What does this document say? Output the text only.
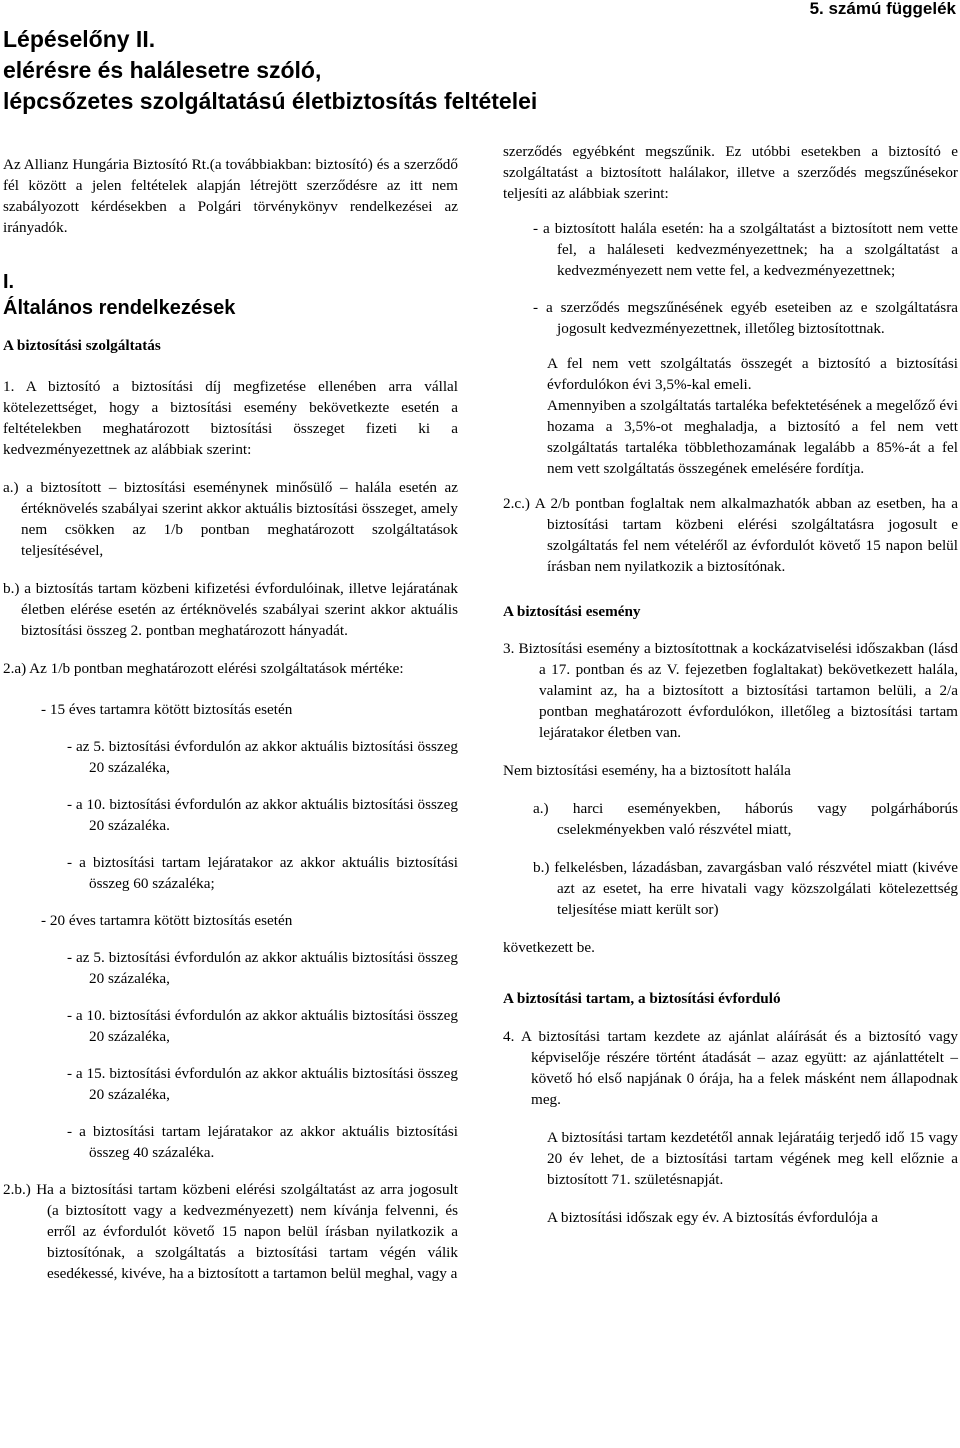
Lépéselőny II.
elérésre és halálesetre szóló,
lépcsőzetes szolgáltatású életbiztosítás feltételei
5. számú függelék

Az Allianz Hungária Biztosító Rt.(a továbbiakban: biztosító) és a szerződő fél között a jelen feltételek alapján létrejött szerződésre az itt nem szabályozott kérdésekben a Polgári törvénykönyv rendelkezései az irányadók.

I.
Általános rendelkezések
A biztosítási szolgáltatás

1. A biztosító a biztosítási díj megfizetése ellenében arra vállal kötelezettséget, hogy a biztosítási esemény bekövetkezte esetén a feltételekben meghatározott biztosítási összeget fizeti ki a kedvezményezettnek az alábbiak szerint:

a.) a biztosított – biztosítási eseménynek minősülő – halála esetén az értéknövelés szabályai szerint akkor aktuális biztosítási összeget, amely nem csökken az 1/b pontban meghatározott szolgáltatások teljesítésével,

b.) a biztosítás tartam közbeni kifizetési évfordulóinak, illetve lejáratának életben elérése esetén az értéknövelés szabályai szerint akkor aktuális biztosítási összeg 2. pontban meghatározott hányadát.

2.a) Az 1/b pontban meghatározott elérési szolgáltatások mértéke:

- 15 éves tartamra kötött biztosítás esetén

- az 5. biztosítási évfordulón az akkor aktuális biztosítási összeg 20 százaléka,

- a 10. biztosítási évfordulón az akkor aktuális biztosítási összeg 20 százaléka.

- a biztosítási tartam lejáratakor az akkor aktuális biztosítási összeg 60 százaléka;

- 20 éves tartamra kötött biztosítás esetén

- az 5. biztosítási évfordulón az akkor aktuális biztosítási összeg 20 százaléka,

- a 10. biztosítási évfordulón az akkor aktuális biztosítási összeg 20 százaléka,

- a 15. biztosítási évfordulón az akkor aktuális biztosítási összeg 20 százaléka,

- a biztosítási tartam lejáratakor az akkor aktuális biztosítási összeg 40 százaléka.

2.b.) Ha a biztosítási tartam közbeni elérési szolgáltatást az arra jogosult (a biztosított vagy a kedvezményezett) nem kívánja felvenni, és erről az évfordulót követő 15 napon belül írásban nyilatkozik a biztosítónak, a szolgáltatás a biztosítási tartam végén válik esedékessé, kivéve, ha a biztosított a tartamon belül meghal, vagy a

szerződés egyébként megszűnik. Ez utóbbi esetekben a biztosító e szolgáltatást a biztosított halálakor, illetve a szerződés megszűnésekor teljesíti az alábbiak szerint:

- a biztosított halála esetén: ha a szolgáltatást a biztosított nem vette fel, a haláleseti kedvezményezettnek; ha a szolgáltatást a kedvezményezett nem vette fel, a kedvezményezettnek;

- a szerződés megszűnésének egyéb eseteiben az e szolgáltatásra jogosult kedvezményezettnek, illetőleg biztosítottnak.

A fel nem vett szolgáltatás összegét a biztosító a biztosítási évfordulókon évi 3,5%-kal emeli.

Amennyiben a szolgáltatás tartaléka befektetésének a megelőző évi hozama a 3,5%-ot meghaladja, a biztosító a fel nem vett szolgáltatás tartaléka többlethozamának legalább a 85%-át a fel nem vett szolgáltatás összegének emelésére fordítja.

2.c.) A 2/b pontban foglaltak nem alkalmazhatók abban az esetben, ha a biztosítási tartam közbeni elérési szolgáltatásra jogosult e szolgáltatás fel nem vételéről az évfordulót követő 15 napon belül írásban nem nyilatkozik a biztosítónak.

A biztosítási esemény

3. Biztosítási esemény a biztosítottnak a kockázatviselési időszakban (lásd a 17. pontban és az V. fejezetben foglaltakat) bekövetkezett halála, valamint az, ha a biztosított a biztosítási tartamon belüli, a 2/a pontban meghatározott évfordulókon, illetőleg a biztosítási tartam lejáratakor életben van.

Nem biztosítási esemény, ha a biztosított halála

a.) harci eseményekben, háborús vagy polgárháborús cselekményekben való részvétel miatt,

b.) felkelésben, lázadásban, zavargásban való részvétel miatt (kivéve azt az esetet, ha erre hivatali vagy közszolgálati kötelezettség teljesítése miatt került sor)

következett be.

A biztosítási tartam, a biztosítási évforduló

4. A biztosítási tartam kezdete az ajánlat aláírását és a biztosító vagy képviselője részére történt átadását – azaz együtt: az ajánlattételt – követő hó első napjának 0 órája, ha a felek másként nem állapodnak meg.

A biztosítási tartam kezdetétől annak lejáratáig terjedő idő 15 vagy 20 év lehet, de a biztosítási tartam végének meg kell előznie a biztosított 71. születésnapját.

A biztosítási időszak egy év. A biztosítás évfordulója a
